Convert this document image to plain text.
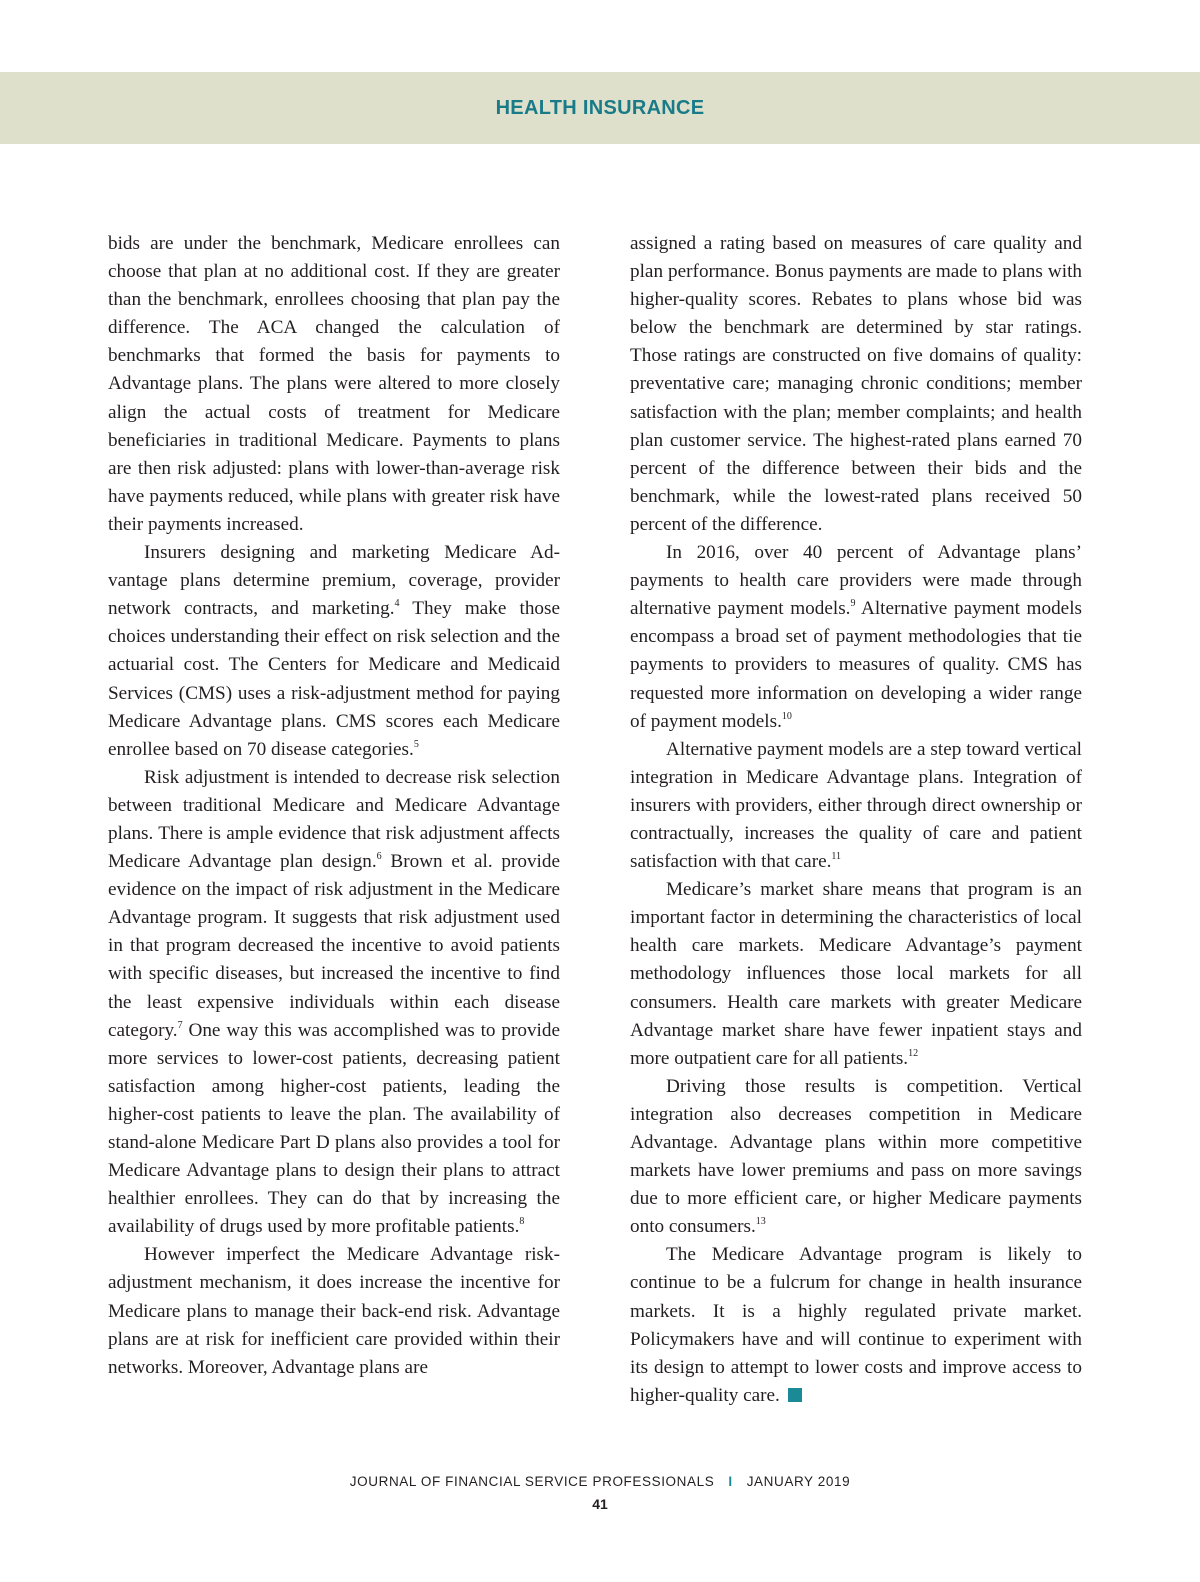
HEALTH INSURANCE

bids are under the benchmark, Medicare enrollees can choose that plan at no additional cost. If they are greater than the benchmark, enrollees choosing that plan pay the difference. The ACA changed the calculation of benchmarks that formed the basis for payments to Advantage plans. The plans were altered to more closely align the actual costs of treatment for Medicare beneficiaries in traditional Medicare. Payments to plans are then risk adjusted: plans with lower-than-average risk have payments reduced, while plans with greater risk have their payments increased.

Insurers designing and marketing Medicare Advantage plans determine premium, coverage, provider network contracts, and marketing.$^4$ They make those choices understanding their effect on risk selection and the actuarial cost. The Centers for Medicare and Medicaid Services (CMS) uses a risk-adjustment method for paying Medicare Advantage plans. CMS scores each Medicare enrollee based on 70 disease categories.$^5$

Risk adjustment is intended to decrease risk selection between traditional Medicare and Medicare Advantage plans. There is ample evidence that risk adjustment affects Medicare Advantage plan design.$^6$ Brown et al. provide evidence on the impact of risk adjustment in the Medicare Advantage program. It suggests that risk adjustment used in that program decreased the incentive to avoid patients with specific diseases, but increased the incentive to find the least expensive individuals within each disease category.$^7$ One way this was accomplished was to provide more services to lower-cost patients, decreasing patient satisfaction among higher-cost patients, leading the higher-cost patients to leave the plan. The availability of stand-alone Medicare Part D plans also provides a tool for Medicare Advantage plans to design their plans to attract healthier enrollees. They can do that by increasing the availability of drugs used by more profitable patients.$^8$

However imperfect the Medicare Advantage risk-adjustment mechanism, it does increase the incentive for Medicare plans to manage their back-end risk. Advantage plans are at risk for inefficient care provided within their networks. Moreover, Advantage plans are

assigned a rating based on measures of care quality and plan performance. Bonus payments are made to plans with higher-quality scores. Rebates to plans whose bid was below the benchmark are determined by star ratings. Those ratings are constructed on five domains of quality: preventative care; managing chronic conditions; member satisfaction with the plan; member complaints; and health plan customer service. The highest-rated plans earned 70 percent of the difference between their bids and the benchmark, while the lowest-rated plans received 50 percent of the difference.

In 2016, over 40 percent of Advantage plans’ payments to health care providers were made through alternative payment models.$^9$ Alternative payment models encompass a broad set of payment methodologies that tie payments to providers to measures of quality. CMS has requested more information on developing a wider range of payment models.$^{10}$

Alternative payment models are a step toward vertical integration in Medicare Advantage plans. Integration of insurers with providers, either through direct ownership or contractually, increases the quality of care and patient satisfaction with that care.$^{11}$

Medicare’s market share means that program is an important factor in determining the characteristics of local health care markets. Medicare Advantage’s payment methodology influences those local markets for all consumers. Health care markets with greater Medicare Advantage market share have fewer inpatient stays and more outpatient care for all patients.$^{12}$

Driving those results is competition. Vertical integration also decreases competition in Medicare Advantage. Advantage plans within more competitive markets have lower premiums and pass on more savings due to more efficient care, or higher Medicare payments onto consumers.$^{13}$

The Medicare Advantage program is likely to continue to be a fulcrum for change in health insurance markets. It is a highly regulated private market. Policymakers have and will continue to experiment with its design to attempt to lower costs and improve access to higher-quality care.

JOURNAL OF FINANCIAL SERVICE PROFESSIONALS I JANUARY 2019
41
